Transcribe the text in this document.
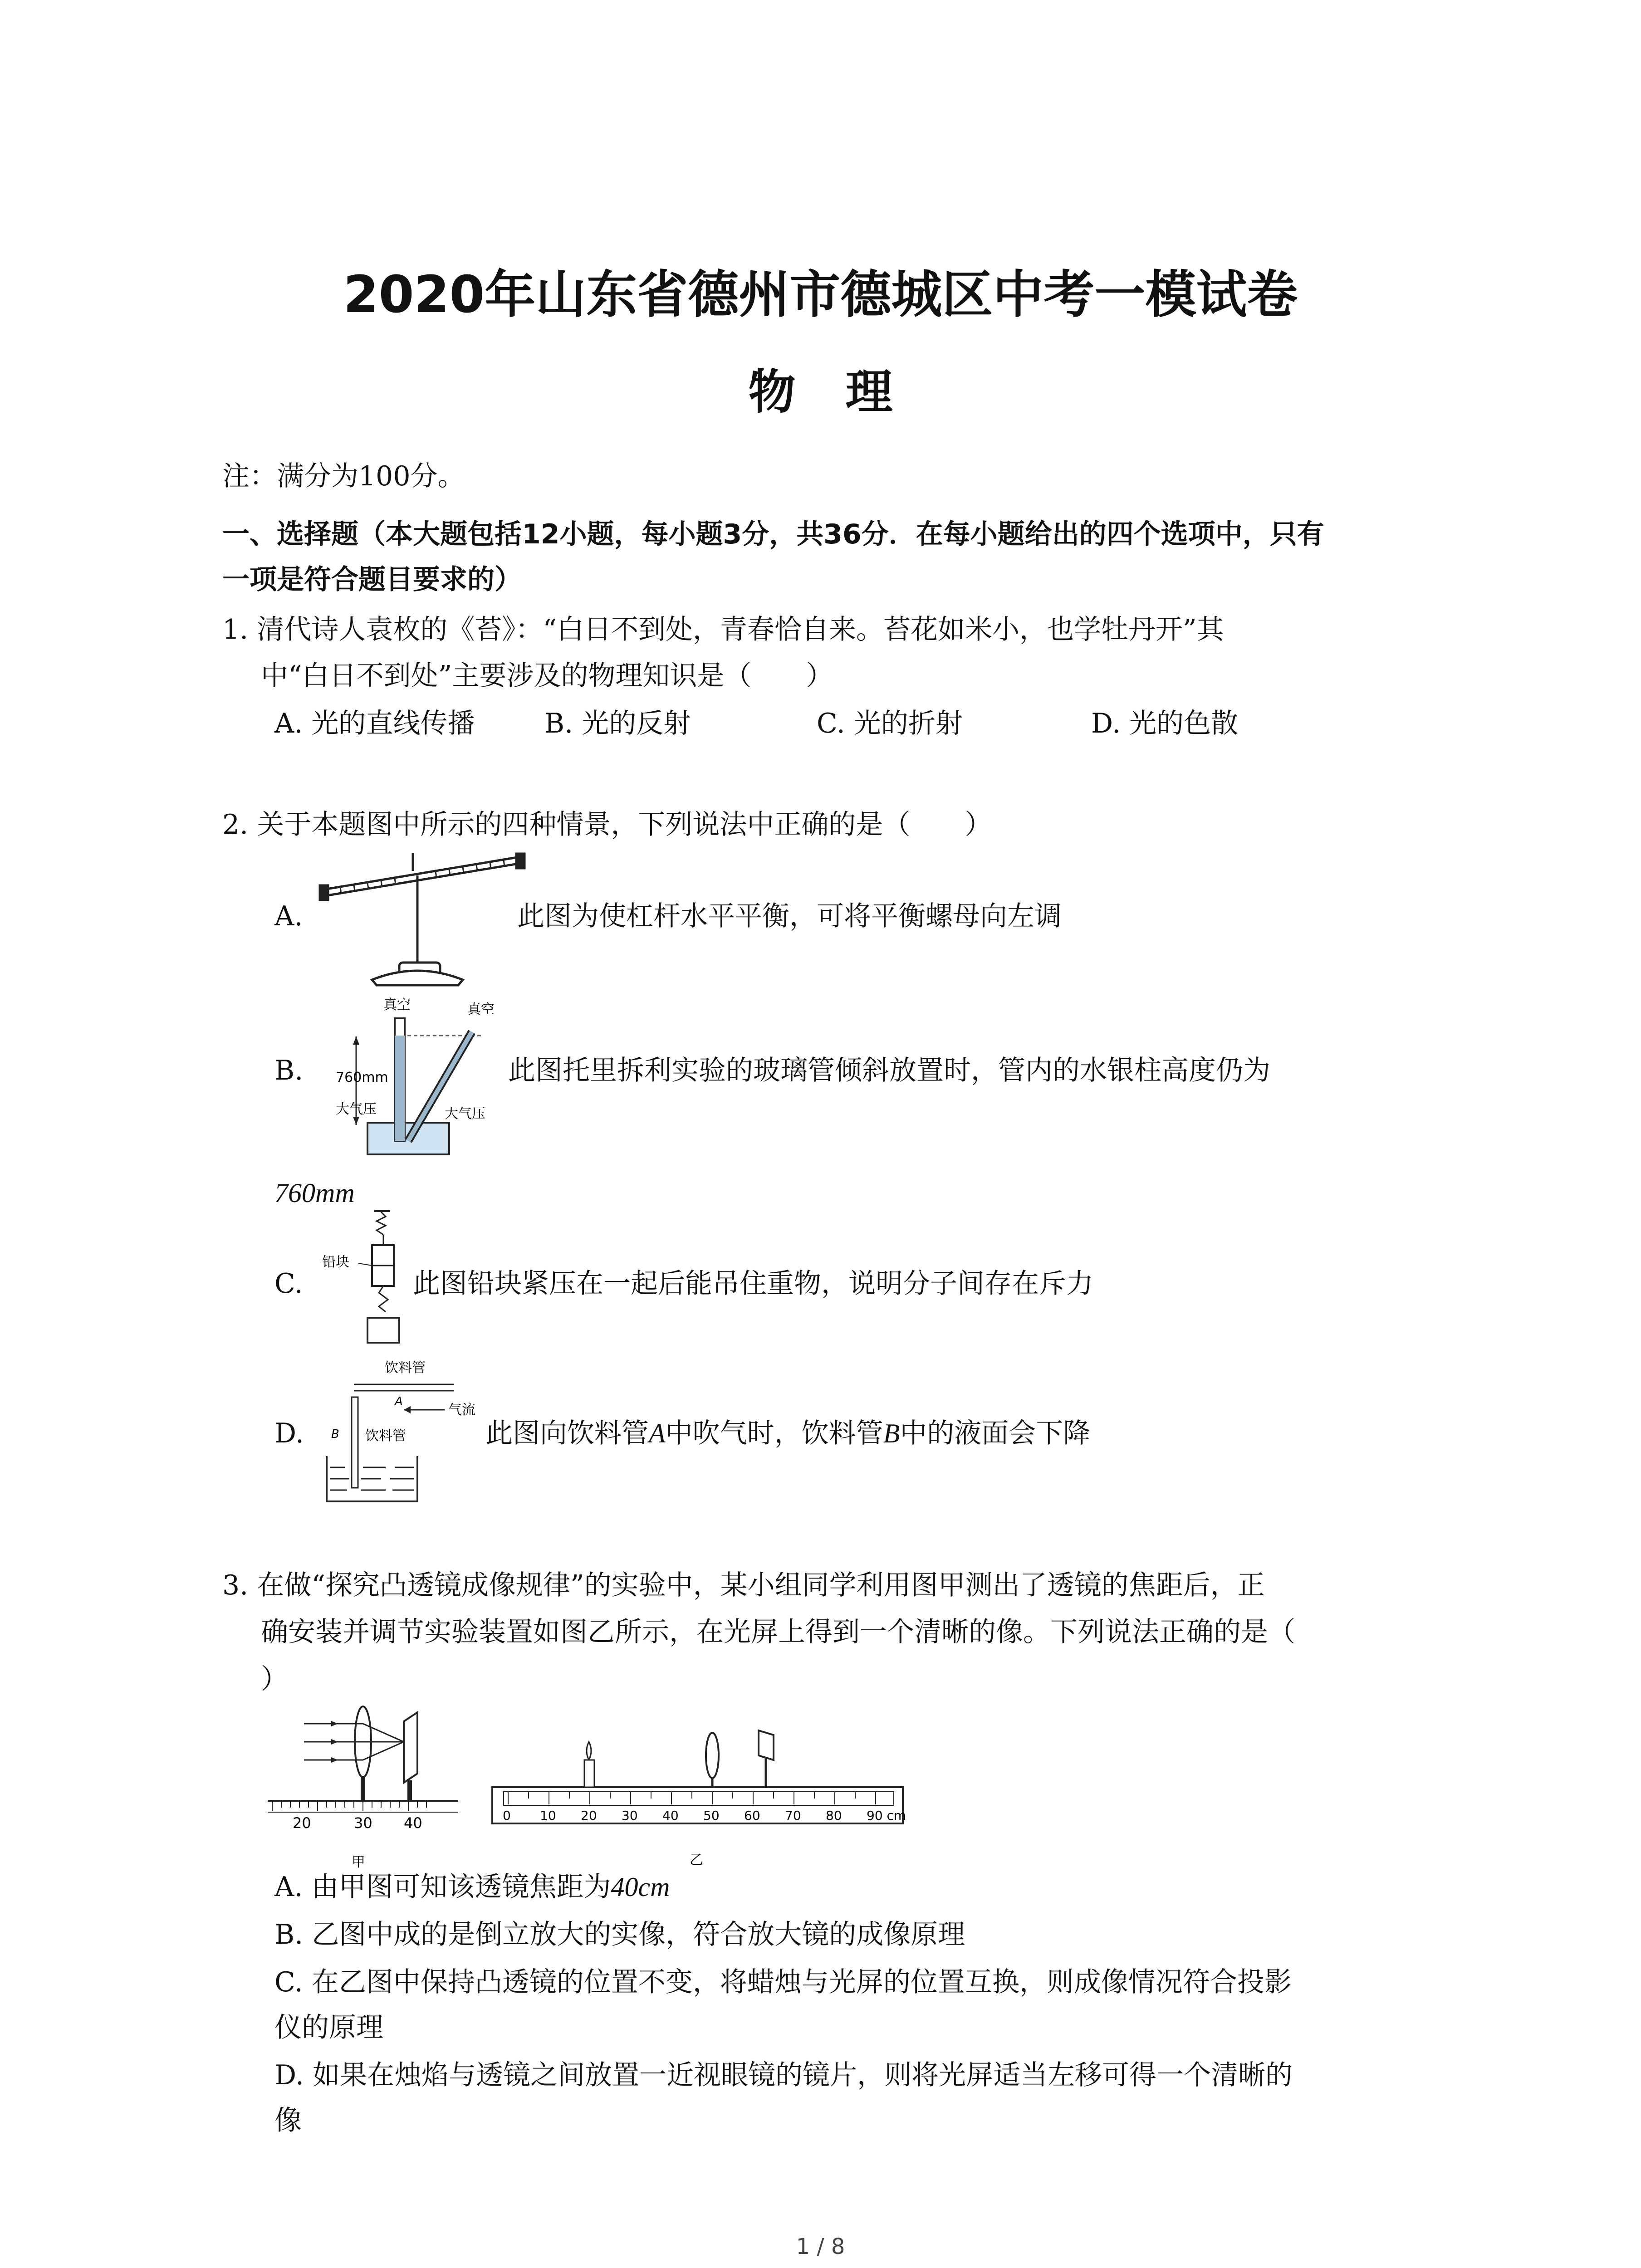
2020年山东省德州市德城区中考一模试卷
物理
注：满分为100分。
一、选择题（本大题包括12小题，每小题3分，共36分．在每小题给出的四个选项中，只有
一项是符合题目要求的）
1. 清代诗人袁枚的《苔》：“白日不到处，青春恰自来。苔花如米小，也学牡丹开”其
中“白日不到处”主要涉及的物理知识是（　　）
A. 光的直线传播	B. 光的反射	C. 光的折射	D. 光的色散
2. 关于本题图中所示的四种情景，下列说法中正确的是（　　）
A.	此图为使杠杆水平平衡，可将平衡螺母向左调
B.
真空	真空
760mm
大气压	大气压
此图托里拆利实验的玻璃管倾斜放置时，管内的水银柱高度仍为
760mm
C.
铅块
此图铅块紧压在一起后能吊住重物，说明分子间存在斥力
D.
饮料管
A
气流
B 饮料管	此图向饮料管A中吹气时，饮料管B中的液面会下降
3. 在做“探究凸透镜成像规律”的实验中，某小组同学利用图甲测出了透镜的焦距后，正
确安装并调节实验装置如图乙所示，在光屏上得到一个清晰的像。下列说法正确的是（
）
20	30 40
甲
0 10 20 30 40 50 60 70 80 90 cm
乙
A. 由甲图可知该透镜焦距为40cm
B. 乙图中成的是倒立放大的实像，符合放大镜的成像原理
C. 在乙图中保持凸透镜的位置不变，将蜡烛与光屏的位置互换，则成像情况符合投影
仪的原理
D. 如果在烛焰与透镜之间放置一近视眼镜的镜片，则将光屏适当左移可得一个清晰的
像
1 / 8
